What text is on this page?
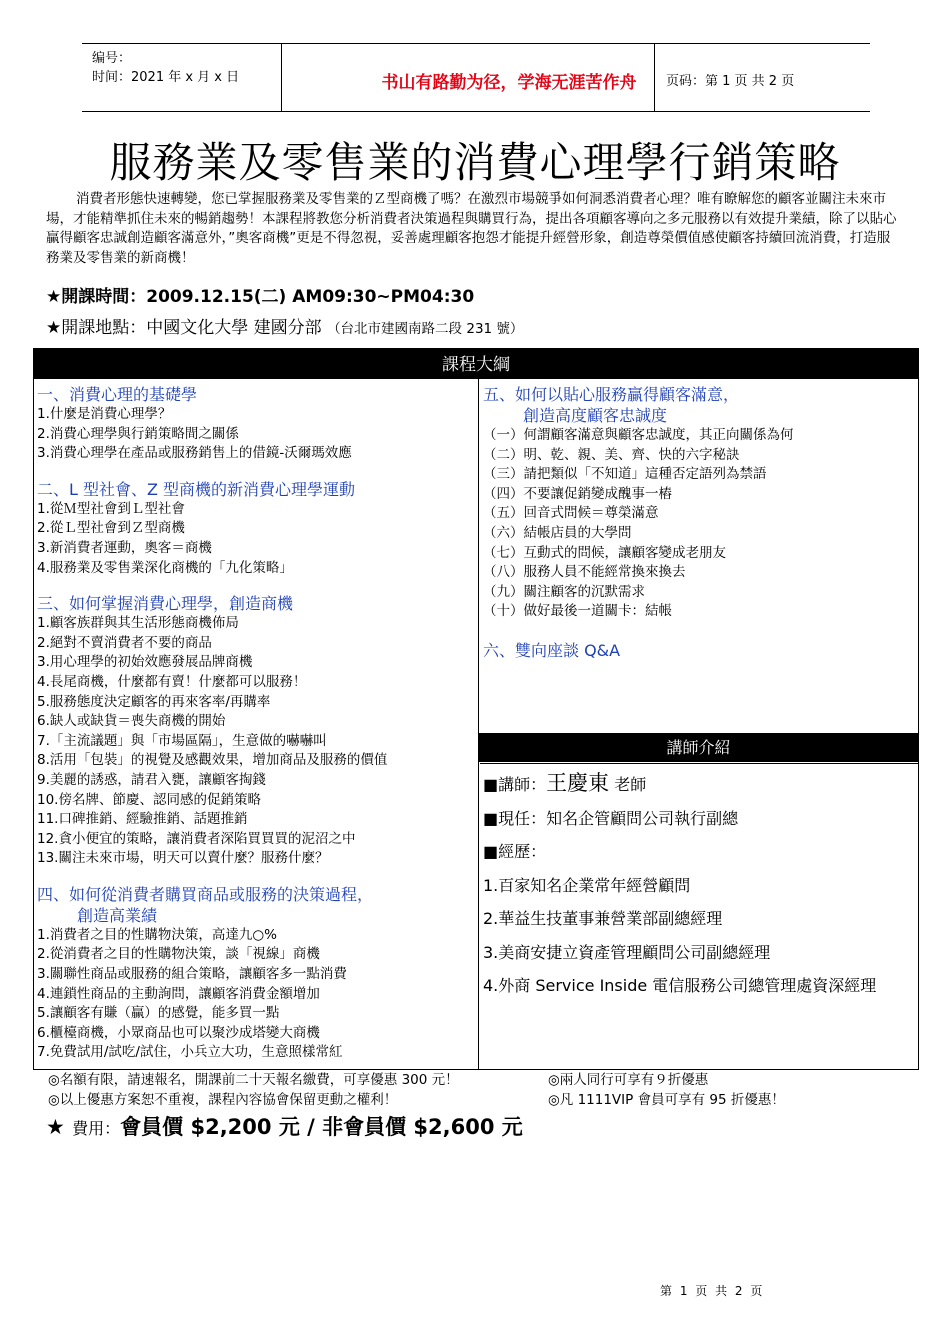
编号：
时间：2021 年 x 月 x 日	书山有路勤为径，学海无涯苦作舟	页码：第 1 页 共 2 页
服務業及零售業的消費心理學行銷策略
消費者形態快速轉變，您已掌握服務業及零售業的Ｚ型商機了嗎？在激烈市場競爭如何洞悉消費者心理？唯有瞭解您的顧客並關注未來市場，才能精準抓住未來的暢銷趨勢！本課程將教您分析消費者決策過程與購買行為，提出各項顧客導向之多元服務以有效提升業績，除了以貼心贏得顧客忠誠創造顧客滿意外，”奧客商機”更是不得忽視，妥善處理顧客抱怨才能提升經營形象，創造尊榮價值感使顧客持續回流消費，打造服務業及零售業的新商機！
★開課時間：2009.12.15(二) AM09:30~PM04:30
★開課地點：中國文化大學 建國分部 （台北市建國南路二段 231 號）
課程大綱
一、消費心理的基礎學
1.什麼是消費心理學？
2.消費心理學與行銷策略間之關係
3.消費心理學在產品或服務銷售上的借鏡-沃爾瑪效應
二、L 型社會、Z 型商機的新消費心理學運動
1.從Ｍ型社會到Ｌ型社會
2.從Ｌ型社會到Ｚ型商機
3.新消費者運動，奧客＝商機
4.服務業及零售業深化商機的「九化策略」
三、如何掌握消費心理學，創造商機
1.顧客族群與其生活形態商機佈局
2.絕對不賣消費者不要的商品
3.用心理學的初始效應發展品牌商機
4.長尾商機，什麼都有賣！什麼都可以服務！
5.服務態度決定顧客的再來客率/再購率
6.缺人或缺貨＝喪失商機的開始
7.「主流議題」與「市場區隔」，生意做的嚇嚇叫
8.活用「包裝」的視覺及感觀效果，增加商品及服務的價值
9.美麗的誘惑，請君入甕，讓顧客掏錢
10.傍名牌、節慶、認同感的促銷策略
11.口碑推銷、經驗推銷、話題推銷
12.貪小便宜的策略，讓消費者深陷買買買的泥沼之中
13.關注未來市場，明天可以賣什麼？服務什麼？
四、如何從消費者購買商品或服務的決策過程，
創造高業績
1.消費者之目的性購物決策，高達九○%
2.從消費者之目的性購物決策，談「視線」商機
3.關聯性商品或服務的組合策略，讓顧客多一點消費
4.連鎖性商品的主動詢問，讓顧客消費金額增加
5.讓顧客有賺（贏）的感覺，能多買一點
6.櫃檯商機，小眾商品也可以聚沙成塔變大商機
7.免費試用/試吃/試住，小兵立大功，生意照樣常紅
五、如何以貼心服務贏得顧客滿意，
創造高度顧客忠誠度
（一）何謂顧客滿意與顧客忠誠度，其正向關係為何
（二）明、乾、親、美、齊、快的六字秘訣
（三）請把類似「不知道」這種否定語列為禁語
（四）不要讓促銷變成醜事一樁
（五）回音式問候＝尊榮滿意
（六）結帳店員的大學問
（七）互動式的問候，讓顧客變成老朋友
（八）服務人員不能經常換來換去
（九）關注顧客的沉默需求
（十）做好最後一道關卡：結帳
六、雙向座談 Q&A
講師介紹
■講師：王慶東 老師
■現任：知名企管顧問公司執行副總
■經歷：
1.百家知名企業常年經營顧問
2.華益生技董事兼營業部副總經理
3.美商安捷立資產管理顧問公司副總經理
4.外商 Service Inside 電信服務公司總管理處資深經理
◎名額有限，請速報名，開課前二十天報名繳費，可享優惠 300 元！
◎以上優惠方案恕不重複，課程內容協會保留更動之權利！
◎兩人同行可享有９折優惠
◎凡 1111VIP 會員可享有 95 折優惠！
★ 費用：會員價 $2,200 元 / 非會員價 $2,600 元
第 1 页 共 2 页
